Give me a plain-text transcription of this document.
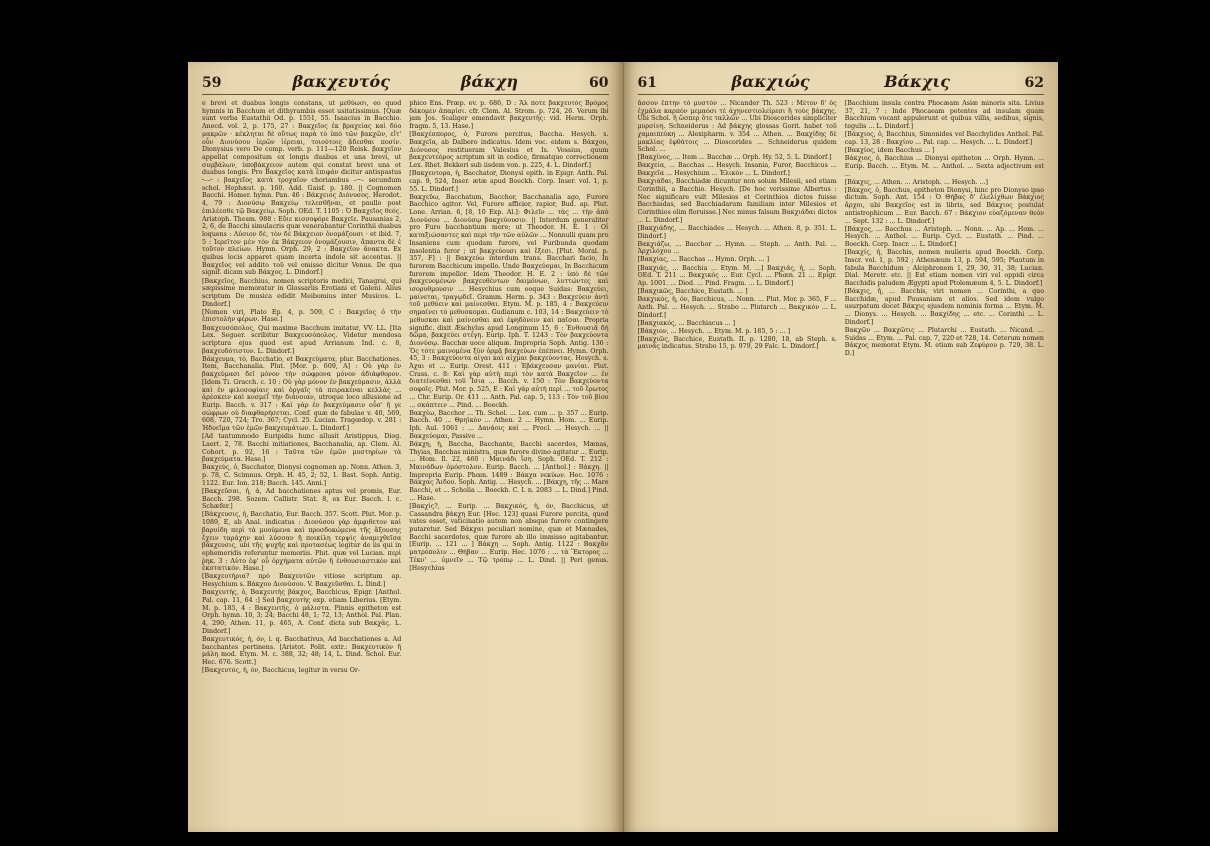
59	βακχευτός	βάκχη	60

e brevi et duabus longis constans, ut μεθύωσι, eo quod hymnis in Bacchum et dithyrambis esset usitatissimus. [Quæ sunt verba Eustathii Od. p. 1551, 55. Isaacius in Bacchio. Anecd. vol. 2, p. 175, 27 : Βακχεῖος ἐκ βραχείας καὶ δύο μακρῶν · κέκληται δὲ οὕτως παρὰ τὸ ὑπὸ τῶν βακχῶν, εἴτ' οὖν Διονύσου ἱερῶν ἱέρειαι, τοιούτοις ᾄδεσθαι ποσίν. Dionysius vero De comp. verb. p. 111—120 Reisk. βακχεῖον appellat compositum ex longis duabus et una brevi, ut συμβάλων, ὑποβάκχειον autem qui constat brevi una et duabus longis. Pro Βακχεῖος κατὰ ἐπιφάν dicitur antispastus ⏑––⏑ : βακχεῖος κατὰ τροχαῖον choriambus –⏑⏑– secundum schol. Hephæst. p. 160. Add. Gaisf. p. 180. || Cognomen Bacchi. Homer. hymn. Pan. 46 : Βάκχειος Διόνυσος. Herodot. 4, 79 : Διονύσῳ Βακχείῳ τελεσθῆναι, et paullo post ἐπιλέεσθε τῷ Βακχείῳ. Soph. OEd. T. 1105 : Ὁ Βακχεῖος θεός. Aristoph. Thesm. 988 : Εὔιε κισσοφόρε Βακχεῖε. Pausanias 2, 2, 6, de Bacchi simulacris quæ venerabantur Corinthii duabus loquens : Λύσιον δὲ, τὸν δὲ Βάκχειον ὀνομάζουσι · et ibid. 7, 5 : Ἱερεῖτον μὲν τὸν ἐκ Βάκχειον ὀνομάζουσιν, ἄπαντα δὲ ἐ τοῦτον πλείων. Hymn. Orph. 29, 2 : Βακχεῖον ἄνακτα. Ex quibus locis apparet quam incerta indole sit accentus. || Βακχεῖος vel addito τοῦ vel omisso dicitur Venus. De qua signif. dicam sub Βάκχος. L. Dindorf.]

[Βακχεῖος, Bacchius, nomen scriptoris medici, Tanagrai, qui sæpissime memoratur in Glossariis Erotiani et Galeni. Alius scriptum De musica edidit Meibomius inter Musicos. L. Dindorf.]

[Nomen viri, Plato Ep. 4, p. 509, C : Βακχεῖος ὁ τὴν ἐπιστολὴν φέρων. Hase.]

Βακχευσόπολος, Qui maxime Bacchum imitatur, VV. LL. [Ita Lex. Seguer. scribitur Βακχευσόπολος. Videtur mendosa scriptura ejus quod est apud Arrianum Ind. c. 8, βακχευδότιστον. L. Dindorf.]

Βάκχευμα, τό, Bacchatio, et Βακχεύματα, plur. Bacchationes. Item, Bacchanalia. Plut. [Mor. p. 609, A] : Οὐ γὰρ ἐν βακχεύμασι δεῖ μόνον τὴν σώφρονα μόνον ἀδιάφθορον. [Idem Ti. Gracch. c. 10 : Οὐ γὰρ μόνον ἐν βακχεύμασιν, ἀλλὰ καὶ ἐν φιλοσοφίαις καὶ ὀργαῖς τὰ πειρακέναι κελλὰς ... ἀρέσκειν καὶ κοσμεῖ τὴν διάνοιαν, utroque loco allusione ad Eurip. Bacch. v. 317 : Καὶ γὰρ ἐν βακχεύμασιν οὖσ' ἥ γε σώφρων οὐ διαφθαρήσεται. Conf. quæ de fabulae v. 40, 569, 608, 720, 724; Tro. 367; Cycl. 25. Lucian. Tragœdop. v. 281 : Ἡδυεῖμα τῶν ἐμῶν βακχευμάτων. L. Dindorf.]

[Ad tantummodo Euripidis hunc allusit Aristippus, Diog. Laert. 2, 78. Bacchi initiationes, Bacchanalia, ap. Clem. Al. Cohort. p. 92, 16 : Ταῦτα τῶν ἐμῶν μυστηρίων τὰ βακχεύματα. Hase.]

Βακχεύς, ὁ, Bacchator, Dionysi cognomen ap. Nonn. Athen. 3, p. 78, C. Scimnus. Orph. H. 45, 2; 52, 1. Bast. Soph. Antig. 1122. Eur. Ion. 218; Bacch. 145. Anni.]

[Βακχεῦσαι, ἡ, ἁ, Ad bacchationes aptus vel promis, Eur. Bacch. 298. Sozem. Callistr. Stat. 8, ex Eur. Bacch. l. c. Schæfer.]

[Βάκχευσις, ἡ, Bacchatio, Eur. Bacch. 357. Scott. Plut. Mor. p. 1089, E, ab Anal. indicatus : Διονύσου γὰρ ἀμφιθετον καὶ βαρυίδη περὶ τὰ μυούμενα καὶ προσδοκώμενα τῆς ἄξουσης ἔχειν ταράχην καὶ λύσσαν ἢ ποικίλη τερψὶς ἀναμιχθεῖσα βάκχευσις, ubi τῆς ψυχῆς καὶ προτασέως legitur de iis qui in ephemeridis referuntur memoriis. Plut. quæ vel Lucian. περὶ ῥηκ. 3 : Αὐτο ἐφ' οὗ ὀρχήματα αὐτῶν ἢ ἐνθουσιαστικὸν καὶ ἐκστατικόν. Hase.]

[Βακχευτήρια? πρὸ Βακχευτῶν vitiose scriptum ap. Hesychium s. Βάκχου Διονύσου. V. Βακχεῦσθαι. L. Dind.]

Βακχευτής, ὁ, Βακχευτὴς βάκχος, Bacchicus, Epigr. [Anthol. Pal. cap. 11, 64 :] Sed βακχευτὴς exp. etiam Liberius. [Etym. M. p. 185, 4 : Βακχευτής, ὁ μάλιστα. Pinnis epitheton est Orph. hymn. 10, 3; 24; Bacchi 48, 1; 72, 13; Anthol. Pal. Plan. 4, 290; Athen. 11, p. 465, A. Conf. dicta sub Βακχὰς. L. Dindorf.]

Βακχευτικός, ἡ, όν, i. q. Bacchativus, Ad bacchationes a. Ad bacchantes pertinens. [Aristot. Polit. extr.: Βακχευτικὸν ἢ μάλη mod. Etym. M. c. 388, 32; 48; 14, L. Dind. Schol. Eur. Hec. 676. Scott.]

[Βακχευτός, ἡ, όν, Bacchicus, legitur in versu Or-

phico Ens. Præp. ev. p. 686, D : Ἄλ ποτε βακχευτὸς Βρόμος δάκομεν ἀπαρίσι. cfr. Clem. Al. Strom. p. 724, 26. Verum ibi jam Jos. Scaliger emendavit βακχευτὴς: vid. Herm. Orph. fragm. 5, 13. Hase.]

[Βακχέσπορος, ὁ, Furore percitus, Baccha. Hesych. s. Βακχεῖα, ab Dalbero indicatus. Idem voc. eidem s. Βάκχου, Διόνυσος restitueram Valesius et Is. Vossius, quum βακχευτεόρος scriptum sit in codice, firmatque correctionem Lex. Rhet. Bekkeri sub iisdem von. p. 225, 4. L. Dindorf.]

[Βακχευτορα, ἡ, Bacchator, Dionysi epith. in Epigr. Anth. Pal. cap. 9, 524, Inser. ætæ apud Boeckh. Corp. Inser. vol. 1, p. 55. L. Dindorf.]

Βακχεῦω, Bacchatum, Bacchor, Bacchanalia ago, Furore Bacchico agitor. Vel, Furore afficior, rapior, Bud. ap. Plut. Lone. Arrian. 6, [8, 10 Exp. Al.]: Φιλεῖν ... τὰς ... τὴν ἀπὸ Διονύσου ... Διονύσῳ βακχεύουσιν. || Interdum generaliter pro Furo bacchantium more; ut Theodor. H. E. 1 : Οἱ καταξιώσαντες καὶ περὶ τὴν τῶν αὐλῶν ... Nonnulli quam pro Insaniens cum quodam furore, vel Furibunda quodam insolentia feror ; ut βακχεύουσι καὶ ἔξεσι. [Plut. Moral. p. 357, F] : || Βακχεύω interdum trans. Bacchari facio, In furorem Bacchicum impello. Unde Βακχεύομαι, In Bacchicum furorem impellor. Idem Theodor. H. E. 2 : ὑπὸ δὲ τῶν βακχευομένων βακχευθέντων δαιμόνων, λυττώντες καὶ ισορυθμουσιν ... Hesychius cum eoque Suidas: Βακχεύει, μαίνεται, τραγῳδεῖ. Gramm. Herm. p. 343 : Βακχεύειν ἀντὶ τοῦ μεθύειν καὶ μαίνεσθαι. Etym. M. p. 185, 4 : Βακχεύειν σημαίνει τὸ μεθυσκομαι. Gudianum c. 103, 14 : Βακχεύειν τὸ μεθυσκαι καὶ μαίνεσθαι καὶ ἐφηδόνειν καὶ παῖσαι. Propria signific. dixit Æschylus apud Longinum 15, 6 : Ἐνθουσιᾶ δὴ δῶμα, βακχεύει στέγη. Eurip. Iph. T. 1243 : Τὸν βακχεύοντα Διονύσῳ. Bacchæ uoce aliquæ. Impropria Soph. Antig. 136 : Ὅς τότε μαινομένα ξὺν ὁρμᾷ βακχεύων ἐπέπνει. Hymn. Orph. 45, 3 : Βακχεύοντα αἰγαι καὶ αἰχμαι βακχεύοντας. Hesych. s. Ἁχαι et ... Eurip. Orest. 411 : Ἐβάκχευσαν μανίαι. Plut. Crass. c. 8: Καὶ γὰρ αὐτὴ περὶ τὸν κατὰ Βακχεῖον ... ἐν διατείνεσθαι τοῦ Ἴσια ... Bacch. v. 150 : Τὸν Βακχεύοντα σοφοῖς. Plut. Mor. p. 525, E : Καὶ γὰρ αὐτὴ περὶ ... τοῦ ἔρωτος ... Chr. Eurip. Or. 411 ... Anth. Pal. cap. 5, 113 : Τὸν τοῦ βίου ... σκάπτειν ... Pind. ... Boeckh.

Βακχέω, Bacchor ... Th. Schol. ... Lex. cum ... p. 357 ... Eurip. Bacch. 40 ... Θρηϊκὸν ... Athen. 2 ... Hymn. Hom. ... Eurip. Iph. Aul. 1061 : ... Δανάοις καὶ ... Procl. ... Hesych. ... || Βακχεύομαι, Passive ...

Βάκχη, ἡ, Baccha, Bacchante, Bacchi sacerdos, Mænas, Thyias, Bacchas ministra, quæ furore divino agitatur ... Eurip. ... Hom. Il. 22, 460 : Μαινάδι ἴση. Soph. OEd. T. 212 : Μαινάδων ὁμόστολον. Eurip. Bacch. ... [Anthol.] : Βάκχη. || Impropria Eurip. Phœn. 1489 : Βάκχα νεκύων. Hec. 1076 : Βάκχας Ἅιδου. Soph. Antig. ... Hesych. ... [Βάκχη, τῆς ... Mare Bacchi, et ... Scholia ... Boeckh. C. I. n. 2083 ... L. Dind.] Pind. ... Hase.

[Βακχὶς?, ... Eurip. ... Βακχικός, ἡ, όν, Bacchicus, ut Cassandra βάκχη Eur. [Hec. 123] quasi Furore percita, quod vates esset, vaticinatio autem non absque furore contingere putaretur. Sed Βάκχαι peculiari nomine, quæ et Mænades, Bacchi sacerdotes, quæ furore ab illo immisso agitabantur. [Eurip. ... 121 ... ] Βάκχη ... Soph. Antig. 1122 : Βακχᾶν ματρόπολιν ... Θήβαν ... Eurip. Hec. 1076 : ... τὰ Ἕκτορος ... Τέκν' ... ὑμνεῖν ... Τῷ τρόπῳ ... L. Dind. || Peri genus. [Hesychius

61	βακχιώς	Βάκχις	62

ἄσσον ἔπτην τὸ μυστὸν ... Nicander Th. 523 : Μέτον δ' ὅς ἐχμάλα καρπὸν μεμαόσι τὲ ἀχηνεστιολείρεσι ἢ τοὺς βάκχης. Ubi Schol. ἢ ὥσπερ ὅτε ταλλῶν ... Ubi Dioscorides simpliciter μυρσίνη. Schneiderus : Ad βάκχης glossas Gorit. habet τοῦ χαμαιπεύκη ... Alexipharm. v. 354 ... Athen. ... Βακχίδης δὲ μακλίας ἐφθάτοις ... Dioscorides ... Schneiderus quidem Schol. ...

[Βακχίνος, ... Item ... Bacchæ ... Orph. Hy. 52, 5. L. Dindorf.]

Βακχεία, ... Bacchas ... Hesych. Insania, Furor, Bacchicus ... Βακχεῖα ... Hesychium ... Ἑλικὸν ... L. Dindorf.]

Βακχιάδαι, Bacchiadæ dicuntur non solum Milesii, sed etiam Corinthii, a Bacchio. Hesych. [De hoc verissime Albertus : Nec significare vult Milesios et Corinthios dictos fuisse Bacchiadas, sed Bacchiadarum familiam inter Milesios et Corinthios olim floruisse.] Nec minus falsum Βακχιάδαι dictos ... L. Dindorf.]

[Βακχιάδης, ... Bacchiades ... Hesych. ... Athen. 8, p. 351. L. Dindorf.]

Βακχιάζω, ... Bacchor ... Hymn. ... Steph. ... Anth. Pal. ... Ἀρχιλόχου ...

[Βακχίας, ... Bacchas ... Hymn. Orph. ... ]

[Βακχιάς, ... Bacchia ... Etym. M. ...] Βακχιάς, ἡ, ... Soph. OEd. T. 211 ... Βακχικὸς ... Eur. Cycl. ... Phœn. 21 ... Epigr. Ap. 1001. ... Diod. ... Pind. Fragm. ... L. Dindorf.]

[Βακχικῶς, Bacchice, Eustath. ... ]

Βακχικός, ἡ, όν, Bacchicus, ... Nonn. ... Plut. Mor. p. 365, F ... Anth. Pal. ... Hesych. ... Strabo ... Plutarch ... Βακχικὸν ... L. Dindorf.]

[Βακχιακός, ... Bacchiacus ... ]

[Βάκχιον, ... Hesych. ... Etym. M. p. 185, 5 : ... ]

[Βακχιῶς, Bacchice, Eustath. II. p. 1280, 18, ab Steph. s. μαινάς indicatus. Strabo 15, p. 979, 29 Falc. L. Dindorf.]

[Bacchium insula contra Phocæam Asiæ minoris sita. Livius 37, 21, 7 : Inde Phocaeam petentes ad insulam quam Bacchium vocant appulerunt et quibus villis, sedibus, signis, tegulis ... L. Dindorf.]

[Βάκχιος, ὁ, Bacchius, Simonides vel Bacchylides Anthol. Pal. cap. 13, 28 : Βακχίου ... Pal. cap. ... Hesych. ... L. Dindorf.]

[Βακχίος, idem Bacchus ... ]

Βάκχιος, ὁ, Bacchius ... Dionysi epitheton ... Orph. Hymn. ... Eurip. Bacch. ... Etym. M. ... Anthol. ... Sexta adjectivum est ...

[Βάκχις, ... Athen. ... Aristoph. ... Hesych. ...]

[Βάκχος, ὁ, Bacchus, epitheton Dionysi, hinc pro Dionyso ipso dictum. Soph. Ant. 154 : Ὁ Θήβας δ' ἐλελίχθων Βάκχιος ἄρχοι, ubi Βακχεῖος est in libris, sed Βάκχιος postulat antistrophicum ... Eur. Bacch. 67 : Βάκχιον εὐαζόμεναν θεόν ... Sept. 132 : ... L. Dindorf.]

[Βάκχος, ... Bacchus ... Aristoph. ... Nonn. ... Ap. ... Hom. ... Hesych. ... Anthol. ... Eurip. Cycl. ... Eustath. ... Pind. ... Boeckh. Corp. Inscr. ... L. Dindorf.]

[Βακχίς, ἡ, Bacchis, nomen mulieris apud Boeckh. Corp. Inscr. vol. 1, p. 592 ; Athenæum 13, p. 594, 595; Plautum in fabula Bacchidum ; Alciphronem 1, 29, 30, 31, 38; Lucian. Dial. Meretr. etc. || Est etiam nomen viri vel oppidi circa Bacchidis paludem Ægypti apud Ptolemæum 4, 5. L. Dindorf.]

[Βάκχις, ἡ, ... Bacchis, viri nomen ... Corinthi, a quo Bacchidæ, apud Pausaniam et alios. Sed idem vulgo usurpatum docet Βάκχις ejusdem nominis forma ... Etym. M. ... Dionys. ... Hesych. ... Βακχίδης ... etc. ... Corinthi ... L. Dindorf.]

Βακχῶν ... Βακχῶτις ... Plutarchi ... Eustath. ... Nicand. ... Suidas ... Etym. ... Pal. cap. 7, 220 et 728, 14. Ceterum nomen Βάκχος memorat Etym. M. etiam sub Ζεφύρου p. 729, 38. L. D.]
